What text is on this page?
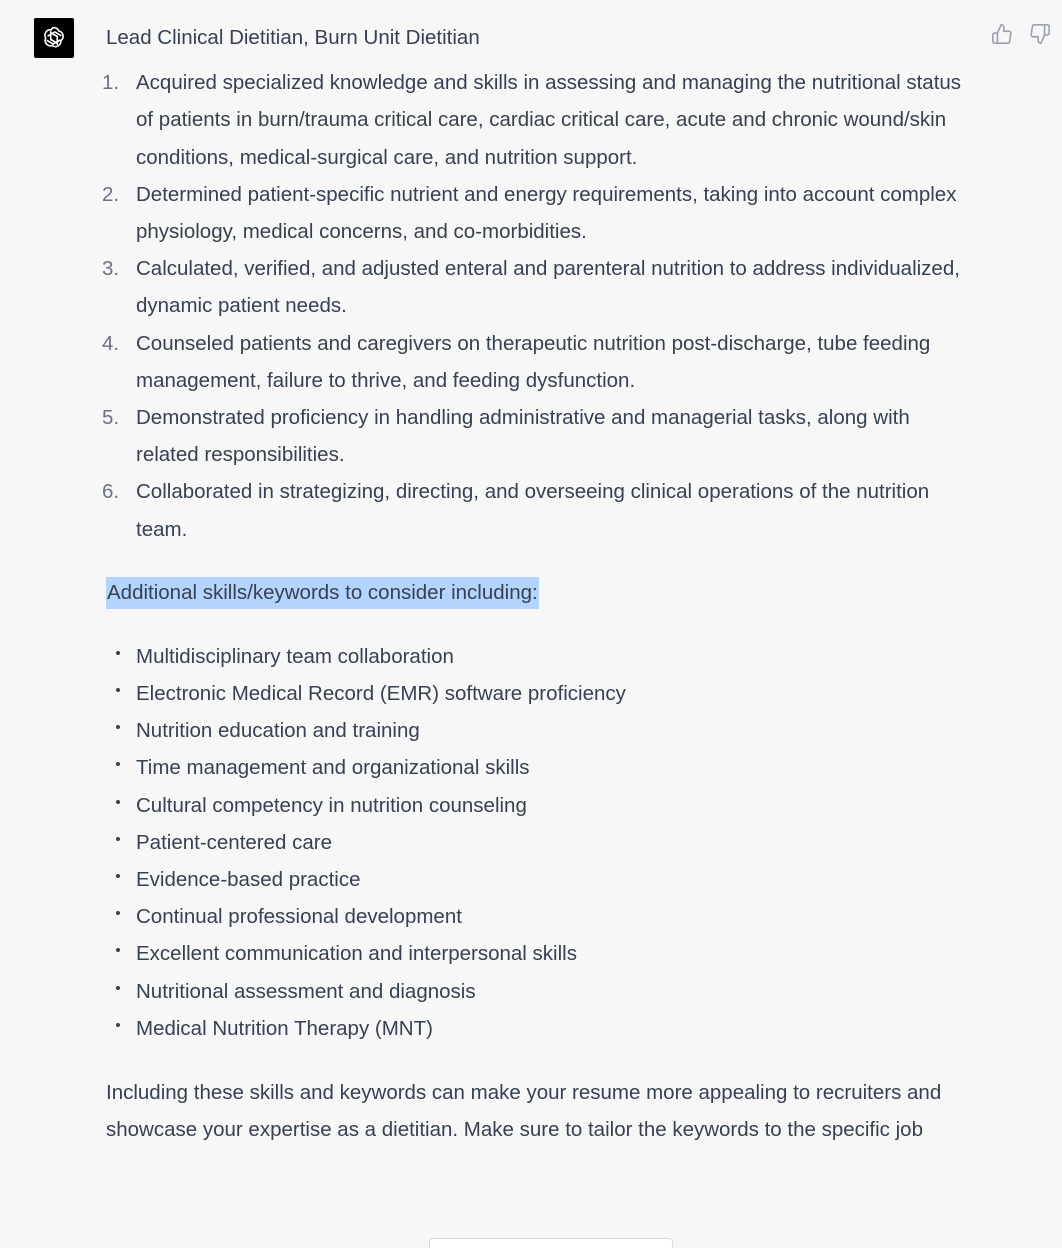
Lead Clinical Dietitian, Burn Unit Dietitian

1. Acquired specialized knowledge and skills in assessing and managing the nutritional status of patients in burn/trauma critical care, cardiac critical care, acute and chronic wound/skin conditions, medical-surgical care, and nutrition support.
2. Determined patient-specific nutrient and energy requirements, taking into account complex physiology, medical concerns, and co-morbidities.
3. Calculated, verified, and adjusted enteral and parenteral nutrition to address individualized, dynamic patient needs.
4. Counseled patients and caregivers on therapeutic nutrition post-discharge, tube feeding management, failure to thrive, and feeding dysfunction.
5. Demonstrated proficiency in handling administrative and managerial tasks, along with related responsibilities.
6. Collaborated in strategizing, directing, and overseeing clinical operations of the nutrition team.

Additional skills/keywords to consider including:

Multidisciplinary team collaboration
Electronic Medical Record (EMR) software proficiency
Nutrition education and training
Time management and organizational skills
Cultural competency in nutrition counseling
Patient-centered care
Evidence-based practice
Continual professional development
Excellent communication and interpersonal skills
Nutritional assessment and diagnosis
Medical Nutrition Therapy (MNT)

Including these skills and keywords can make your resume more appealing to recruiters and showcase your expertise as a dietitian. Make sure to tailor the keywords to the specific job
